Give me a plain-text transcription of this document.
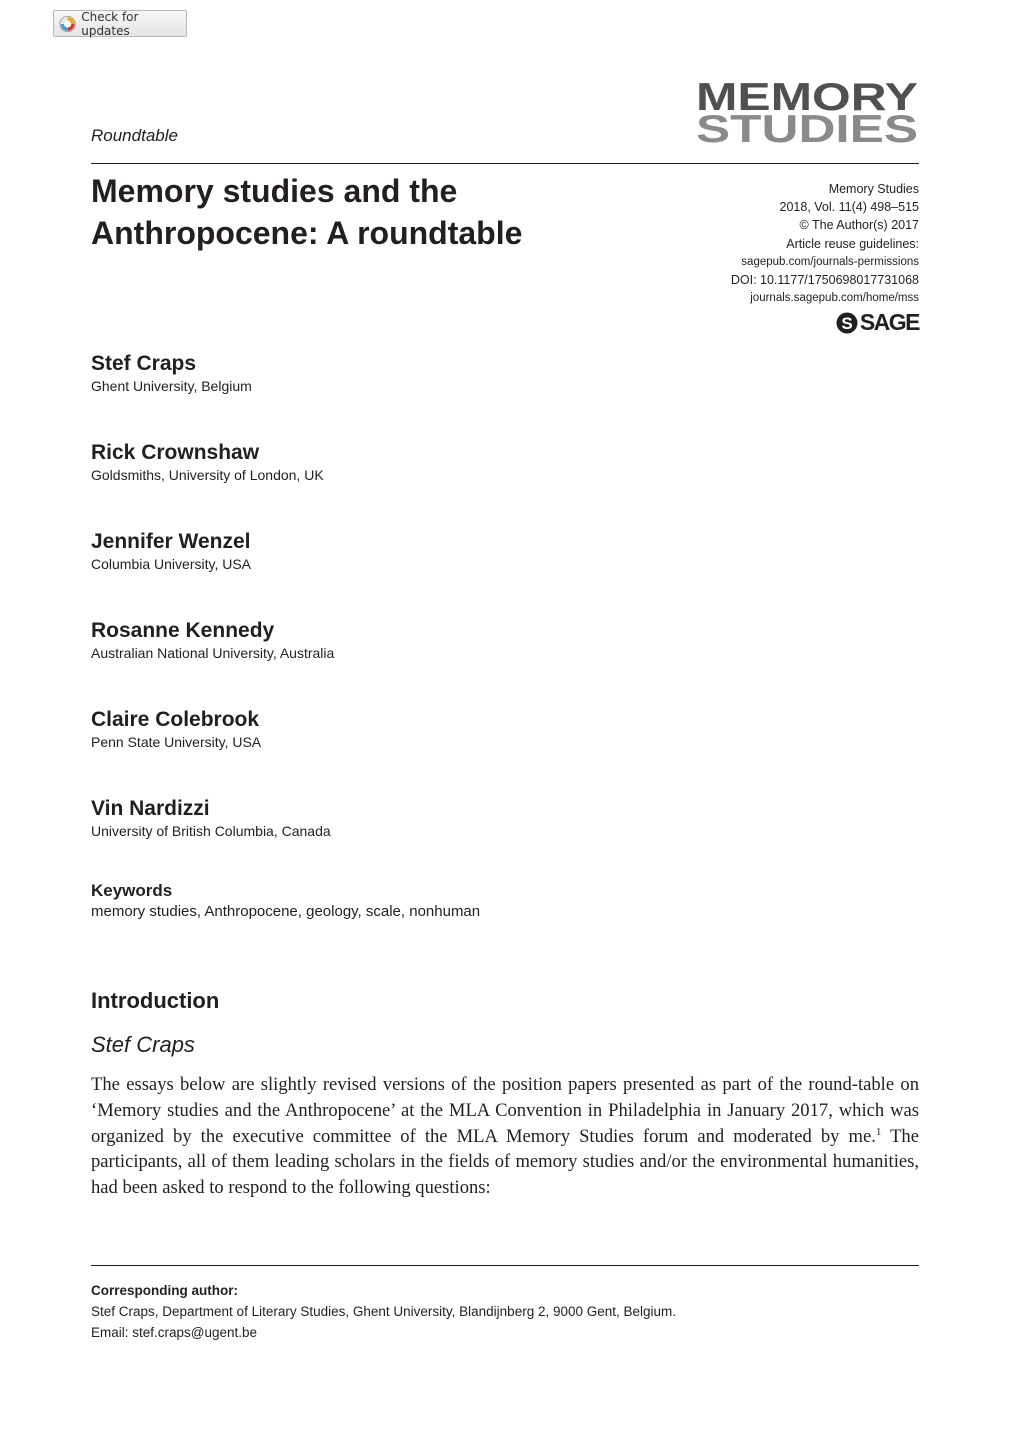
Check for updates
Roundtable
MEMORY
STUDIES
Memory Studies
2018, Vol. 11(4) 498–515
© The Author(s) 2017
Article reuse guidelines:
sagepub.com/journals-permissions
DOI: 10.1177/1750698017731068
journals.sagepub.com/home/mss
S SAGE
Memory studies and the
Anthropocene: A roundtable
Stef Craps
Ghent University, Belgium
Rick Crownshaw
Goldsmiths, University of London, UK
Jennifer Wenzel
Columbia University, USA
Rosanne Kennedy
Australian National University, Australia
Claire Colebrook
Penn State University, USA
Vin Nardizzi
University of British Columbia, Canada
Keywords
memory studies, Anthropocene, geology, scale, nonhuman
Introduction
Stef Craps
The essays below are slightly revised versions of the position papers presented as part of the round-table on ‘Memory studies and the Anthropocene’ at the MLA Convention in Philadelphia in January 2017, which was organized by the executive committee of the MLA Memory Studies forum and moderated by me.$^1$ The participants, all of them leading scholars in the fields of memory studies and/or the environmental humanities, had been asked to respond to the following questions:
Corresponding author:
Stef Craps, Department of Literary Studies, Ghent University, Blandijnberg 2, 9000 Gent, Belgium.
Email: stef.craps@ugent.be
